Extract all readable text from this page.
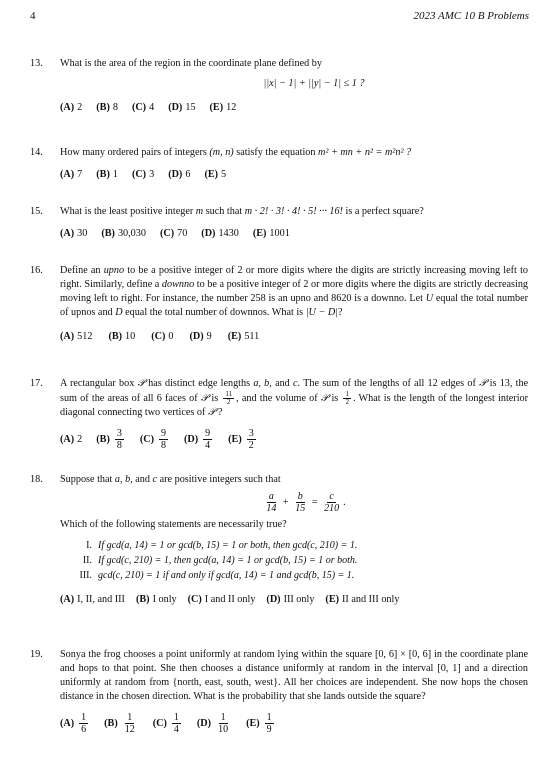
4	2023 AMC 10 B Problems
13. What is the area of the region in the coordinate plane defined by
||x| − 1| + ||y| − 1| ≤ 1 ?
(A) 2 (B) 8 (C) 4 (D) 15 (E) 12
14. How many ordered pairs of integers (m, n) satisfy the equation m² + mn + n² = m²n² ?
(A) 7 (B) 1 (C) 3 (D) 6 (E) 5
15. What is the least positive integer m such that m · 2! · 3! · 4! · 5! ··· 16! is a perfect square?
(A) 30 (B) 30,030 (C) 70 (D) 1430 (E) 1001
16. Define an upno to be a positive integer of 2 or more digits where the digits are strictly increasing moving left to right. Similarly, define a downno to be a positive integer of 2 or more digits where the digits are strictly decreasing moving left to right. For instance, the number 258 is an upno and 8620 is a downno. Let U equal the total number of upnos and D equal the total number of downnos. What is |U − D|?
(A) 512 (B) 10 (C) 0 (D) 9 (E) 511
17. A rectangular box 𝒫 has distinct edge lengths a, b, and c. The sum of the lengths of all 12 edges of 𝒫 is 13, the sum of the areas of all 6 faces of 𝒫 is $\frac{11}{2}$ , and the volume of 𝒫 is $\frac{1}{2}$ . What is the length of the longest interior diagonal connecting two vertices of 𝒫 ?
(A) 2 $(B) \frac{3}{8} (C) \frac{9}{8} (D) \frac{9}{4} (E) \frac{3}{2}$
18. Suppose that a, b, and c are positive integers such that
$\frac{a}{14} + \frac{b}{15} = \frac{c}{210}$ .
Which of the following statements are necessarily true?
I. If gcd(a, 14) = 1 or gcd(b, 15) = 1 or both, then gcd(c, 210) = 1.
II. If gcd(c, 210) = 1, then gcd(a, 14) = 1 or gcd(b, 15) = 1 or both.
III. gcd(c, 210) = 1 if and only if gcd(a, 14) = 1 and gcd(b, 15) = 1.
(A) I, II, and III (B) I only (C) I and II only (D) III only (E) II and III only
19. Sonya the frog chooses a point uniformly at random lying within the square [0, 6] × [0, 6] in the coordinate plane and hops to that point. She then chooses a distance uniformly at random in the interval [0, 1] and a direction uniformly at random from {north, east, south, west}. All her choices are independent. She now hops the chosen distance in the chosen direction. What is the probability that she lands outside the square?
$(A) \frac{1}{6} (B) \frac{1}{12} (C) \frac{1}{4} (D) \frac{1}{10} (E) \frac{1}{9}$
